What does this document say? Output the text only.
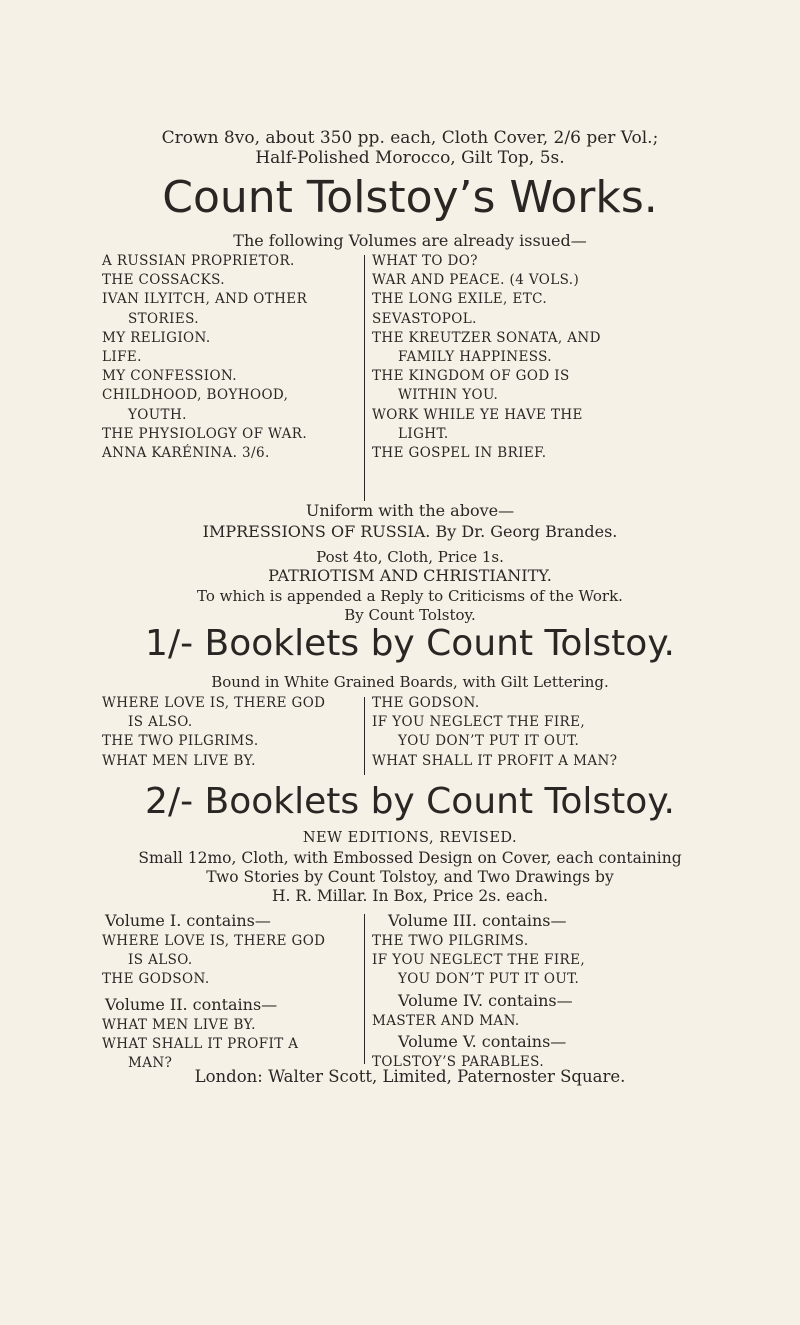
Crown 8vo, about 350 pp. each, Cloth Cover, 2/6 per Vol.;
Half-Polished Morocco, Gilt Top, 5s.
Count Tolstoy’s Works.
The following Volumes are already issued—
A RUSSIAN PROPRIETOR.
THE COSSACKS.
IVAN ILYITCH, AND OTHER
STORIES.
MY RELIGION.
LIFE.
MY CONFESSION.
CHILDHOOD, BOYHOOD,
YOUTH.
THE PHYSIOLOGY OF WAR.
ANNA KARÉNINA. 3/6.
WHAT TO DO?
WAR AND PEACE. (4 VOLS.)
THE LONG EXILE, ETC.
SEVASTOPOL.
THE KREUTZER SONATA, AND
FAMILY HAPPINESS.
THE KINGDOM OF GOD IS
WITHIN YOU.
WORK WHILE YE HAVE THE
LIGHT.
THE GOSPEL IN BRIEF.
Uniform with the above—
IMPRESSIONS OF RUSSIA. By Dr. Georg Brandes.
Post 4to, Cloth, Price 1s.
PATRIOTISM AND CHRISTIANITY.
To which is appended a Reply to Criticisms of the Work.
By Count Tolstoy.
1/- Booklets by Count Tolstoy.
Bound in White Grained Boards, with Gilt Lettering.
WHERE LOVE IS, THERE GOD
IS ALSO.
THE TWO PILGRIMS.
WHAT MEN LIVE BY.
THE GODSON.
IF YOU NEGLECT THE FIRE,
YOU DON’T PUT IT OUT.
WHAT SHALL IT PROFIT A MAN?
2/- Booklets by Count Tolstoy.
NEW EDITIONS, REVISED.
Small 12mo, Cloth, with Embossed Design on Cover, each containing
Two Stories by Count Tolstoy, and Two Drawings by
H. R. Millar. In Box, Price 2s. each.
Volume I. contains—
WHERE LOVE IS, THERE GOD
IS ALSO.
THE GODSON.
Volume II. contains—
WHAT MEN LIVE BY.
WHAT SHALL IT PROFIT A
MAN?
Volume III. contains—
THE TWO PILGRIMS.
IF YOU NEGLECT THE FIRE,
YOU DON’T PUT IT OUT.
Volume IV. contains—
MASTER AND MAN.
Volume V. contains—
TOLSTOY’S PARABLES.
London: Walter Scott, Limited, Paternoster Square.
